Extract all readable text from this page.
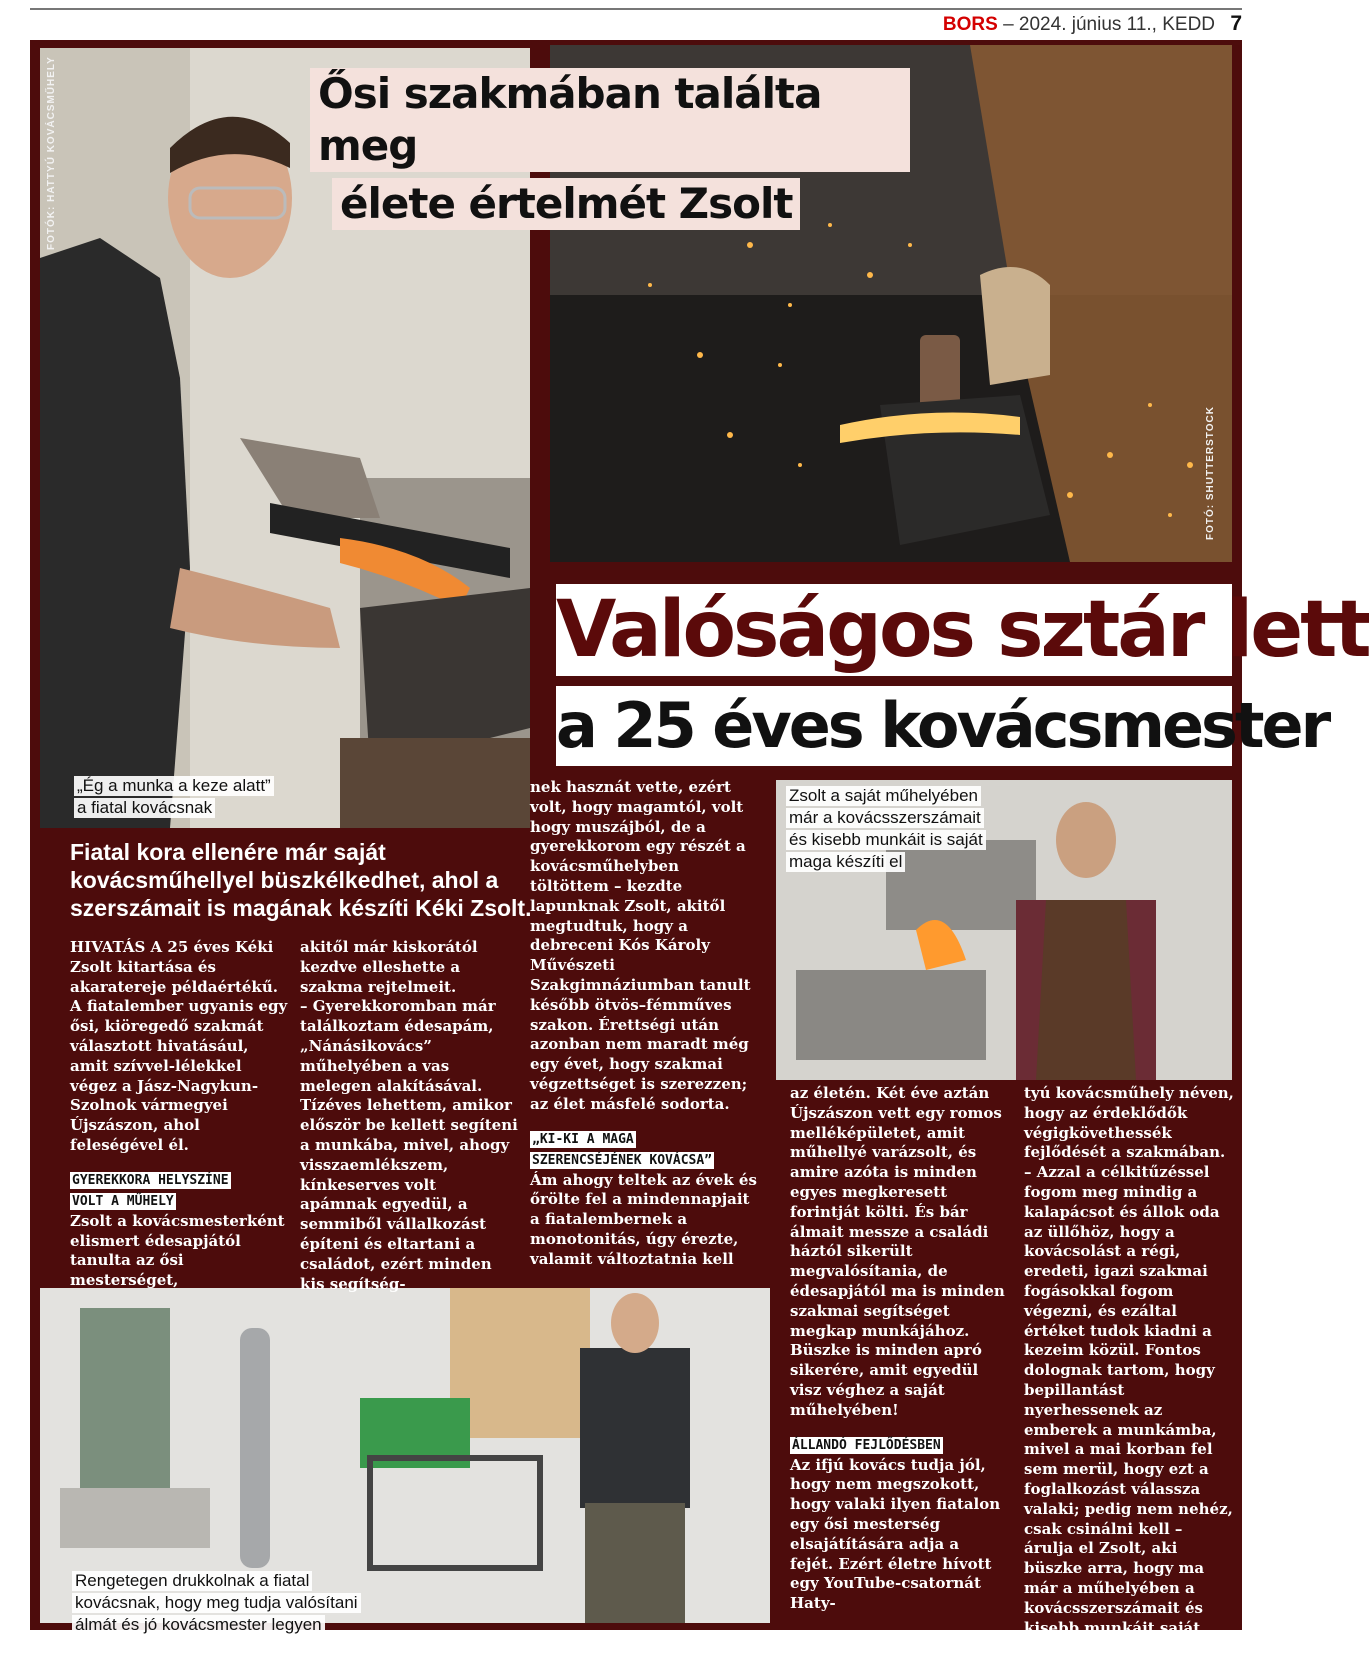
BORS – 2024. június 11., KEDD 7
FOTÓK: HATTYÚ KOVÁCSMŰHELY
FOTÓ: SHUTTERSTOCK
Ősi szakmában találta meg
élete értelmét Zsolt
Valóságos sztár lett
a 25 éves kovácsmester
„Ég a munka a keze alatt”
a fiatal kovácsnak
Zsolt a saját műhelyében
már a kovácsszerszámait
és kisebb munkáit is saját
maga készíti el
Rengetegen drukkolnak a fiatal
kovácsnak, hogy meg tudja valósítani
álmát és jó kovácsmester legyen
Fiatal kora ellenére már saját kovácsműhellyel büszkélkedhet, ahol a szerszámait is magának készíti Kéki Zsolt.

HIVATÁS A 25 éves Kéki Zsolt kitartása és akaratereje példaértékű. A fiatalember ugyanis egy ősi, kiöregedő szakmát választott hivatásául, amit szívvel-lélekkel végez a Jász-Nagykun-Szolnok vármegyei Újszászon, ahol feleségével él.

GYEREKKORA HELYSZÍNE
VOLT A MŰHELY

Zsolt a kovácsmesterként elismert édesapjától tanulta az ősi mesterséget,

akitől már kiskorától kezdve elleshette a szakma rejtelmeit.

– Gyerekkoromban már találkoztam édesapám, „Nánásikovács” műhelyében a vas melegen alakításával. Tízéves lehettem, amikor először be kellett segíteni a munkába, mivel, ahogy visszaemlékszem, kínkeserves volt apámnak egyedül, a semmiből vállalkozást építeni és eltartani a családot, ezért minden kis segítség-

nek hasznát vette, ezért volt, hogy magamtól, volt hogy muszájból, de a gyerekkorom egy részét a kovácsműhelyben töltöttem – kezdte lapunknak Zsolt, akitől megtudtuk, hogy a debreceni Kós Károly Művészeti Szakgimnáziumban tanult később ötvös–fémműves szakon. Érettségi után azonban nem maradt még egy évet, hogy szakmai végzettséget is szerezzen; az élet másfelé sodorta.

„KI-KI A MAGA
SZERENCSÉJÉNEK KOVÁCSA”

Ám ahogy teltek az évek és őrölte fel a mindennapjait a fiatalembernek a monotonitás, úgy érezte, valamit változtatnia kell

az életén. Két éve aztán Újszászon vett egy romos melléképületet, amit műhellyé varázsolt, és amire azóta is minden egyes megkeresett forintját költi. És bár álmait messze a családi háztól sikerült megvalósítania, de édesapjától ma is minden szakmai segítséget megkap munkájához. Büszke is minden apró sikerére, amit egyedül visz véghez a saját műhelyében!

ÁLLANDÓ FEJLŐDÉSBEN

Az ifjú kovács tudja jól, hogy nem megszokott, hogy valaki ilyen fiatalon egy ősi mesterség elsajátítására adja a fejét. Ezért életre hívott egy YouTube-csatornát Haty-

tyú kovácsműhely néven, hogy az érdeklődők végigkövethessék fejlődését a szakmában.

– Azzal a célkitűzéssel fogom meg mindig a kalapácsot és állok oda az üllőhöz, hogy a kovácsolást a régi, eredeti, igazi szakmai fogásokkal fogom végezni, és ezáltal értéket tudok kiadni a kezeim közül. Fontos dolognak tartom, hogy bepillantást nyerhessenek az emberek a munkámba, mivel a mai korban fel sem merül, hogy ezt a foglalkozást válassza valaki; pedig nem nehéz, csak csinálni kell – árulja el Zsolt, aki büszke arra, hogy ma már a műhelyében a kovácsszerszámait és kisebb munkáit saját maga készíti el.
